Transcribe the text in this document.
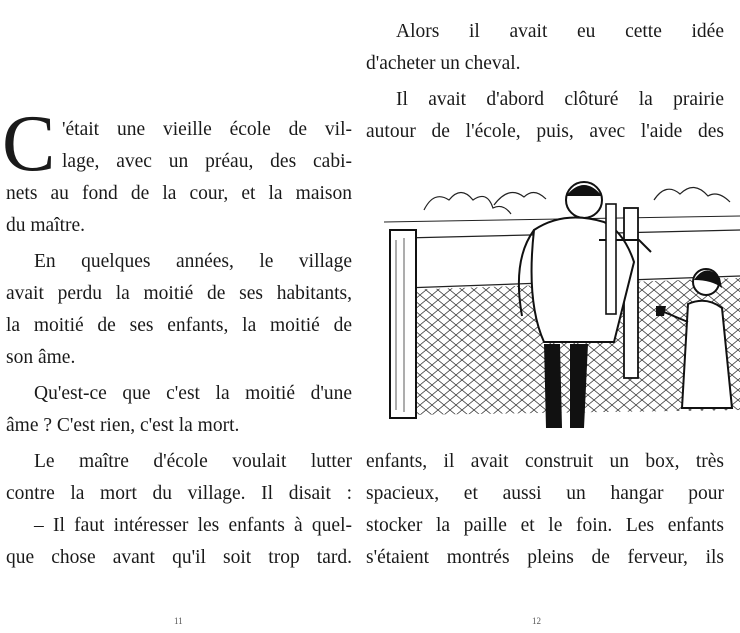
C 'était une vieille école de vil-
lage, avec un préau, des cabi-
nets au fond de la cour, et la maison
du maître.
En quelques années, le village
avait perdu la moitié de ses habitants,
la moitié de ses enfants, la moitié de
son âme.
Qu'est-ce que c'est la moitié d'une
âme ? C'est rien, c'est la mort.
Le maître d'école voulait lutter
contre la mort du village. Il disait :
– Il faut intéresser les enfants à quel-
que chose avant qu'il soit trop tard.
11
Alors il avait eu cette idée
d'acheter un cheval.
Il avait d'abord clôturé la prairie
autour de l'école, puis, avec l'aide des
enfants, il avait construit un box, très
spacieux, et aussi un hangar pour
stocker la paille et le foin. Les enfants
s'étaient montrés pleins de ferveur, ils
12
